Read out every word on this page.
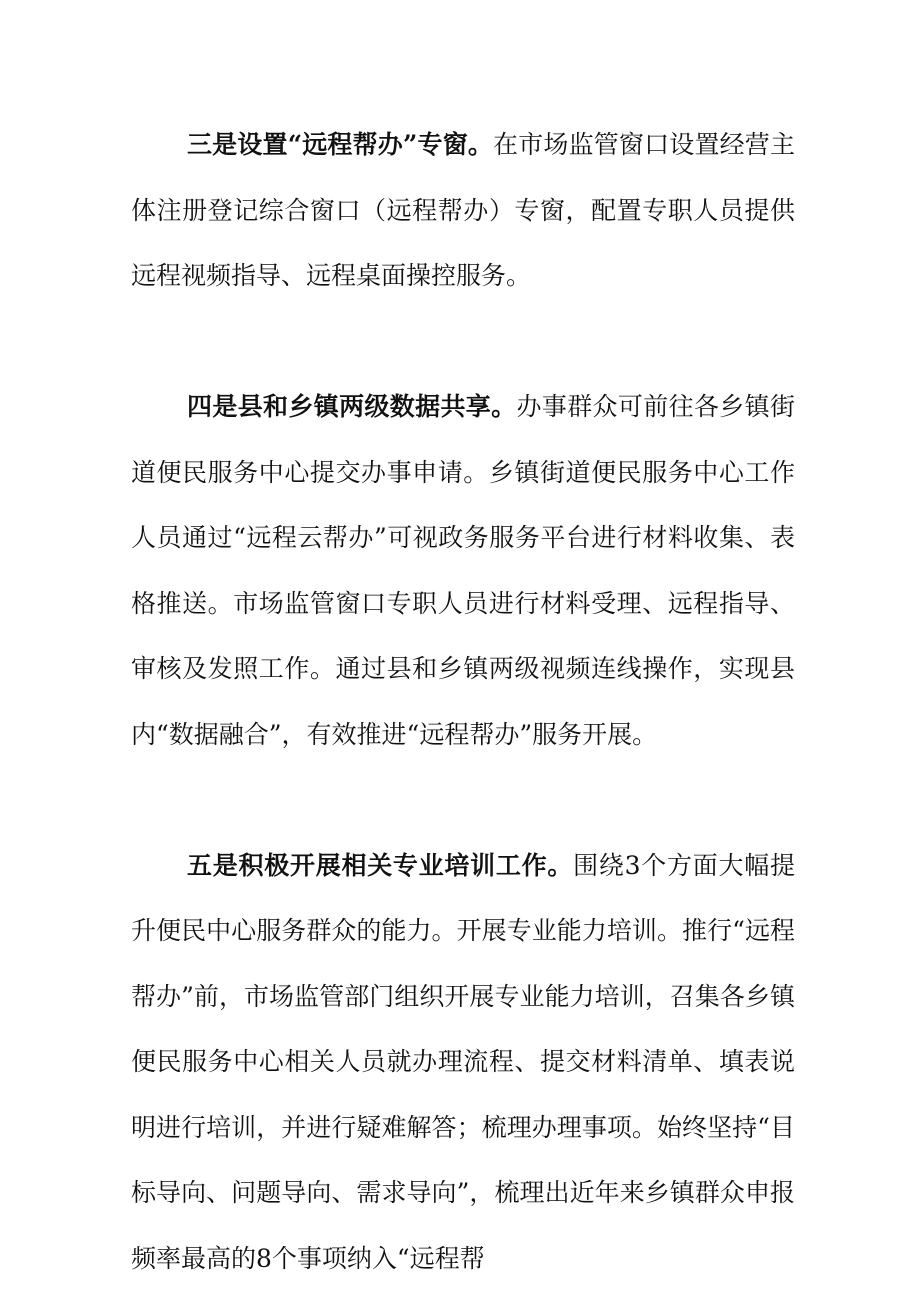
三是设置“远程帮办”专窗。在市场监管窗口设置经营主体注册登记综合窗口（远程帮办）专窗，配置专职人员提供远程视频指导、远程桌面操控服务。

四是县和乡镇两级数据共享。办事群众可前往各乡镇街道便民服务中心提交办事申请。乡镇街道便民服务中心工作人员通过“远程云帮办”可视政务服务平台进行材料收集、表格推送。市场监管窗口专职人员进行材料受理、远程指导、审核及发照工作。通过县和乡镇两级视频连线操作，实现县内“数据融合”，有效推进“远程帮办”服务开展。

五是积极开展相关专业培训工作。围绕3个方面大幅提升便民中心服务群众的能力。开展专业能力培训。推行“远程帮办”前，市场监管部门组织开展专业能力培训，召集各乡镇便民服务中心相关人员就办理流程、提交材料清单、填表说明进行培训，并进行疑难解答；梳理办理事项。始终坚持“目标导向、问题导向、需求导向”，梳理出近年来乡镇群众申报频率最高的8个事项纳入“远程帮
